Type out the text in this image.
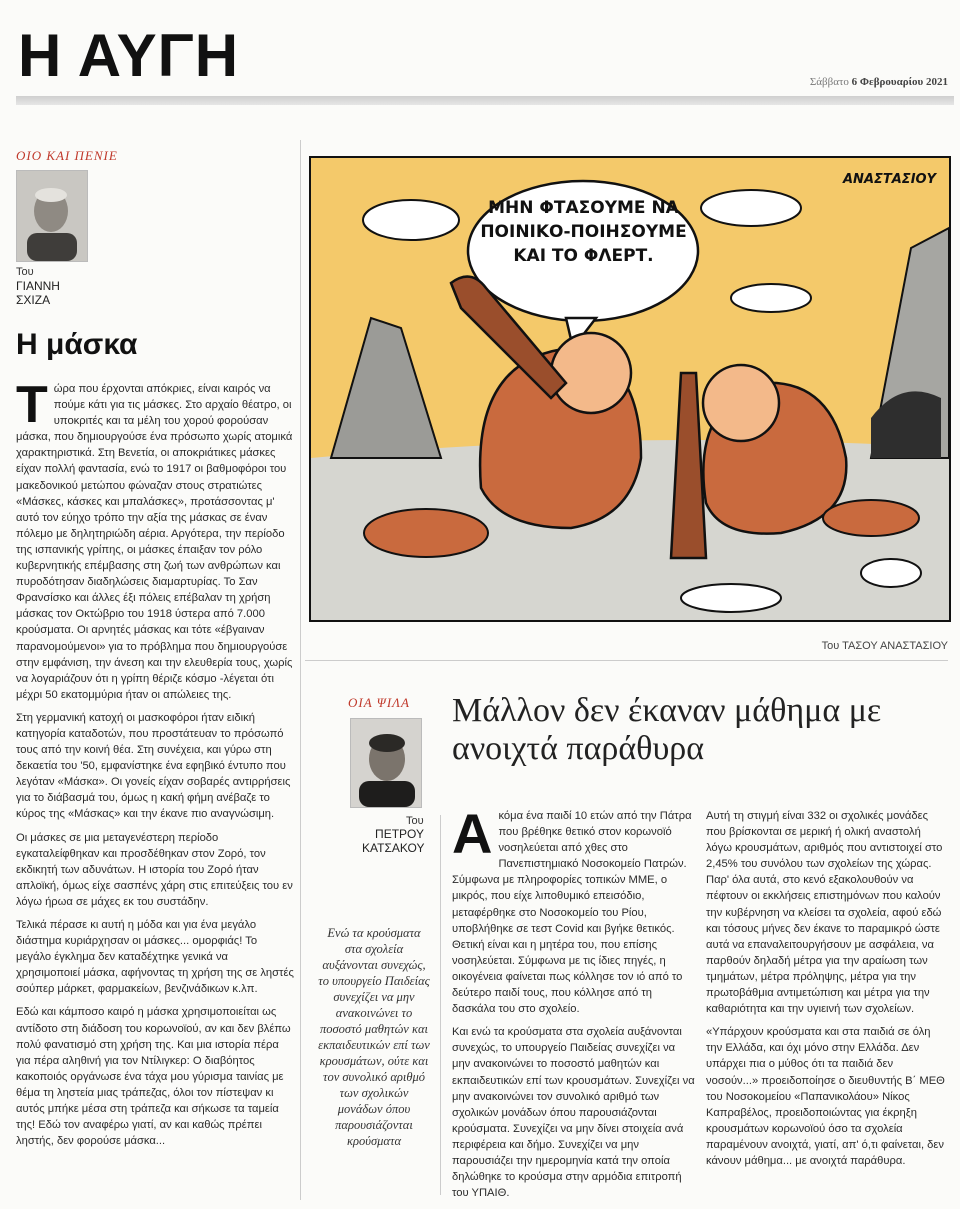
Η ΑΥΓΗ	Σάββατο 6 Φεβρουαρίου 2021
ΟΙΟ ΚΑΙ ΠΕΝΙΕ
Του
ΓΙΑΝΝΗ ΣΧΙΖΑ
Η μάσκα

Τώρα που έρχονται απόκριες, είναι καιρός να πούμε κάτι για τις μάσκες. Στο αρχαίο θέατρο, οι υποκριτές και τα μέλη του χορού φορούσαν μάσκα, που δημιουργούσε ένα πρόσωπο χωρίς ατομικά χαρακτηριστικά. Στη Βενετία, οι αποκριάτικες μάσκες είχαν πολλή φαντασία, ενώ το 1917 οι βαθμοφόροι του μακεδονικού μετώπου φώναζαν στους στρατιώτες «Μάσκες, κάσκες και μπαλάσκες», προτάσσοντας μ' αυτό τον εύηχο τρόπο την αξία της μάσκας σε έναν πόλεμο με δηλητηριώδη αέρια. Αργότερα, την περίοδο της ισπανικής γρίπης, οι μάσκες έπαιξαν τον ρόλο κυβερνητικής επέμβασης στη ζωή των ανθρώπων και πυροδότησαν διαδηλώσεις διαμαρτυρίας. Το Σαν Φρανσίσκο και άλλες έξι πόλεις επέβαλαν τη χρήση μάσκας τον Οκτώβριο του 1918 ύστερα από 7.000 κρούσματα. Οι αρνητές μάσκας και τότε «έβγαιναν παρανομούμενοι» για το πρόβλημα που δημιουργούσε στην εμφάνιση, την άνεση και την ελευθερία τους, χωρίς να λογαριάζουν ότι η γρίπη θέριζε κόσμο -λέγεται ότι μέχρι 50 εκατομμύρια ήταν οι απώλειες της.

Στη γερμανική κατοχή οι μασκοφόροι ήταν ειδική κατηγορία καταδοτών, που προστάτευαν το πρόσωπό τους από την κοινή θέα. Στη συνέχεια, και γύρω στη δεκαετία του '50, εμφανίστηκε ένα εφηβικό έντυπο που λεγόταν «Μάσκα». Οι γονείς είχαν σοβαρές αντιρρήσεις για το διάβασμά του, όμως η κακή φήμη ανέβαζε το κύρος της «Μάσκας» και την έκανε πιο αναγνώσιμη.

Οι μάσκες σε μια μεταγενέστερη περίοδο εγκαταλείφθηκαν και προσδέθηκαν στον Ζορό, τον εκδικητή των αδυνάτων. Η ιστορία του Ζορό ήταν απλοϊκή, όμως είχε σασπένς χάρη στις επιτεύξεις του εν λόγω ήρωα σε μάχες εκ του συστάδην.

Τελικά πέρασε κι αυτή η μόδα και για ένα μεγάλο διάστημα κυριάρχησαν οι μάσκες... ομορφιάς! Το μεγάλο έγκλημα δεν καταδέχτηκε γενικά να χρησιμοποιεί μάσκα, αφήνοντας τη χρήση της σε ληστές σούπερ μάρκετ, φαρμακείων, βενζινάδικων κ.λπ.

Εδώ και κάμποσο καιρό η μάσκα χρησιμοποιείται ως αντίδοτο στη διάδοση του κορωνοϊού, αν και δεν βλέπω πολύ φανατισμό στη χρήση της. Και μια ιστορία πέρα για πέρα αληθινή για τον Ντίλιγκερ: Ο διαβόητος κακοποιός οργάνωσε ένα τάχα μου γύρισμα ταινίας με θέμα τη ληστεία μιας τράπεζας, όλοι τον πίστεψαν κι αυτός μπήκε μέσα στη τράπεζα και σήκωσε τα ταμεία της! Εδώ τον αναφέρω γιατί, αν και καθώς πρέπει ληστής, δεν φορούσε μάσκα...

ΜΗΝ ΦΤΑΣΟΥΜΕ ΝΑ ΠΟΙΝΙΚΟ-ΠΟΙΗΣΟΥΜΕ ΚΑΙ ΤΟ ΦΛΕΡΤ.
ΑΝΑΣΤΑΣΙΟΥ
Του ΤΑΣΟΥ ΑΝΑΣΤΑΣΙΟΥ
ΟΙΑ ΨΙΛΑ
Του
ΠΕΤΡΟΥ ΚΑΤΣΑΚΟΥ
Μάλλον δεν έκαναν μάθημα με ανοιχτά παράθυρα
Ενώ τα κρούσματα στα σχολεία αυξάνονται συνεχώς, το υπουργείο Παιδείας συνεχίζει να μην ανακοινώνει το ποσοστό μαθητών και εκπαιδευτικών επί των κρουσμάτων, ούτε και τον συνολικό αριθμό των σχολικών μονάδων όπου παρουσιάζονται κρούσματα

Ακόμα ένα παιδί 10 ετών από την Πάτρα που βρέθηκε θετικό στον κορωνοϊό νοσηλεύεται από χθες στο Πανεπιστημιακό Νοσοκομείο Πατρών. Σύμφωνα με πληροφορίες τοπικών ΜΜΕ, ο μικρός, που είχε λιποθυμικό επεισόδιο, μεταφέρθηκε στο Νοσοκομείο του Ρίου, υποβλήθηκε σε τεστ Covid και βγήκε θετικός. Θετική είναι και η μητέρα του, που επίσης νοσηλεύεται. Σύμφωνα με τις ίδιες πηγές, η οικογένεια φαίνεται πως κόλλησε τον ιό από το δεύτερο παιδί τους, που κόλλησε από τη δασκάλα του στο σχολείο.

Και ενώ τα κρούσματα στα σχολεία αυξάνονται συνεχώς, το υπουργείο Παιδείας συνεχίζει να μην ανακοινώνει το ποσοστό μαθητών και εκπαιδευτικών επί των κρουσμάτων. Συνεχίζει να μην ανακοινώνει τον συνολικό αριθμό των σχολικών μονάδων όπου παρουσιάζονται κρούσματα. Συνεχίζει να μην δίνει στοιχεία ανά περιφέρεια και δήμο. Συνεχίζει να μην παρουσιάζει την ημερομηνία κατά την οποία δηλώθηκε το κρούσμα στην αρμόδια επιτροπή του ΥΠΑΙΘ.

Αυτή τη στιγμή είναι 332 οι σχολικές μονάδες που βρίσκονται σε μερική ή ολική αναστολή λόγω κρουσμάτων, αριθμός που αντιστοιχεί στο 2,45% του συνόλου των σχολείων της χώρας. Παρ' όλα αυτά, στο κενό εξακολουθούν να πέφτουν οι εκκλήσεις επιστημόνων που καλούν την κυβέρνηση να κλείσει τα σχολεία, αφού εδώ και τόσους μήνες δεν έκανε το παραμικρό ώστε αυτά να επαναλειτουργήσουν με ασφάλεια, να παρθούν δηλαδή μέτρα για την αραίωση των τμημάτων, μέτρα πρόληψης, μέτρα για την πρωτοβάθμια αντιμετώπιση και μέτρα για την καθαριότητα και την υγιεινή των σχολείων.

«Υπάρχουν κρούσματα και στα παιδιά σε όλη την Ελλάδα, και όχι μόνο στην Ελλάδα. Δεν υπάρχει πια ο μύθος ότι τα παιδιά δεν νοσούν...» προειδοποίησε ο διευθυντής Β΄ ΜΕΘ του Νοσοκομείου «Παπανικολάου» Νίκος Καπραβέλος, προειδοποιώντας για έκρηξη κρουσμάτων κορωνοϊού όσο τα σχολεία παραμένουν ανοιχτά, γιατί, απ' ό,τι φαίνεται, δεν κάνουν μάθημα... με ανοιχτά παράθυρα.
